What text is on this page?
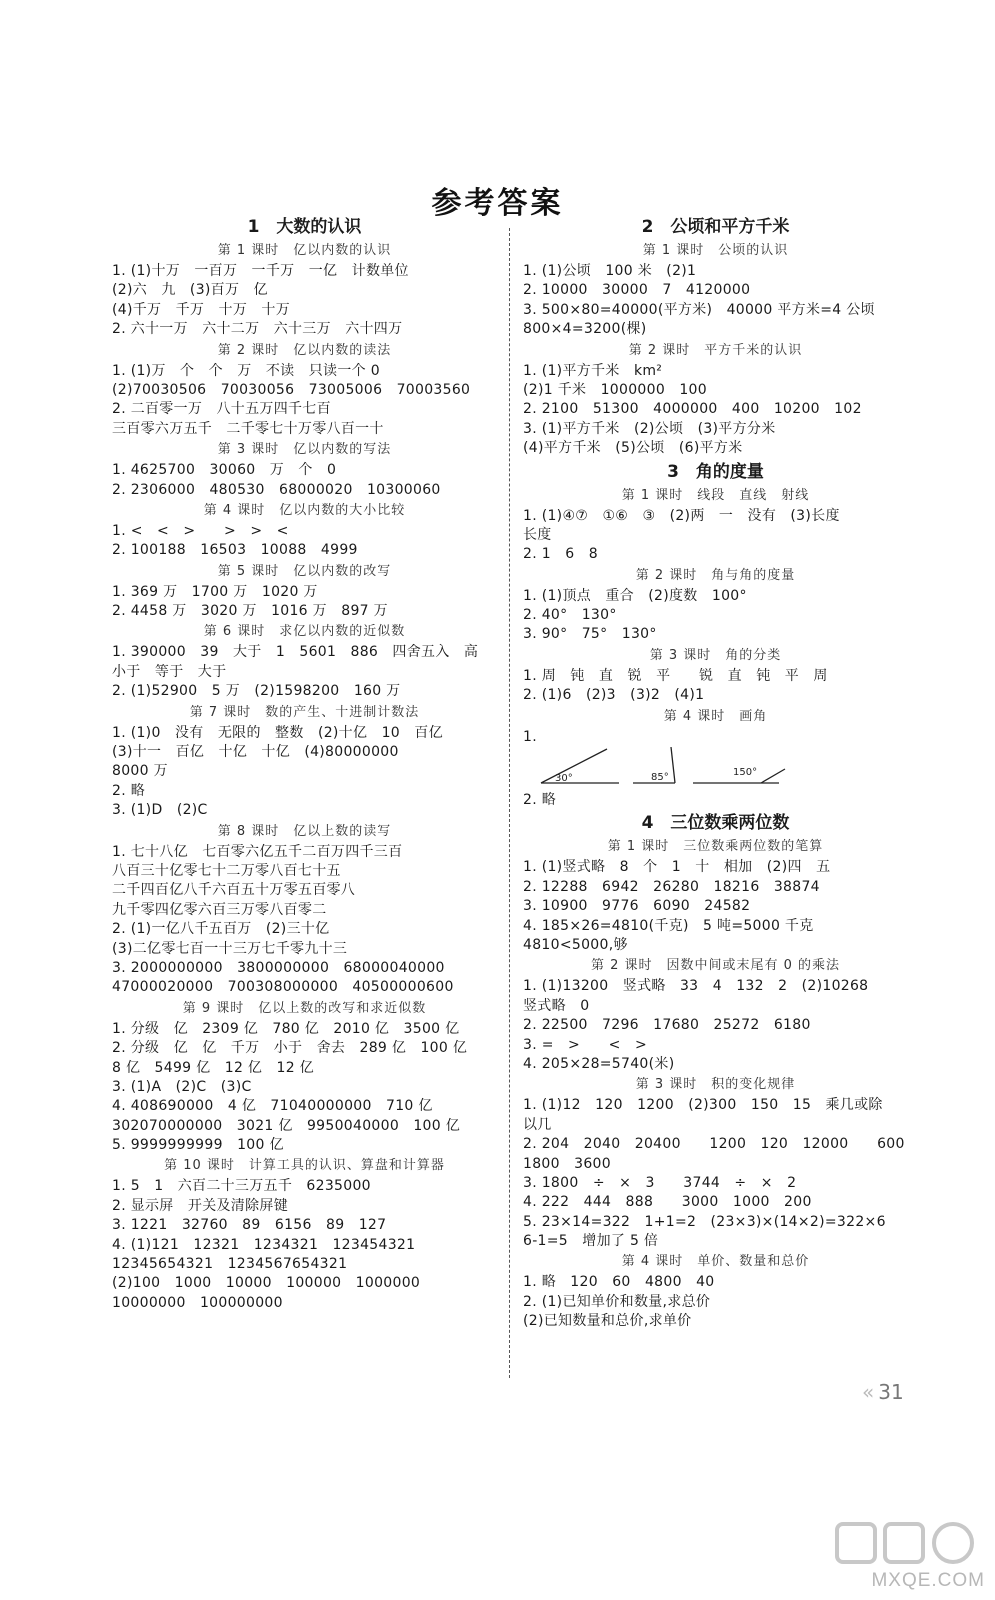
参考答案
1　大数的认识
第 1 课时　亿以内数的认识
1. (1)十万　一百万　一千万　一亿　计数单位
(2)六　九　(3)百万　亿
(4)千万　千万　十万　十万
2. 六十一万　六十二万　六十三万　六十四万
第 2 课时　亿以内数的读法
1. (1)万　个　个　万　不读　只读一个 0
(2)70030506　70030056　73005006　70003560
2. 二百零一万　八十五万四千七百
三百零六万五千　二千零七十万零八百一十
第 3 课时　亿以内数的写法
1. 4625700　30060　万　个　0
2. 2306000　480530　68000020　10300060
第 4 课时　亿以内数的大小比较
1. <　<　>　　>　>　<
2. 100188　16503　10088　4999
第 5 课时　亿以内数的改写
1. 369 万　1700 万　1020 万
2. 4458 万　3020 万　1016 万　897 万
第 6 课时　求亿以内数的近似数
1. 390000　39　大于　1　5601　886　四舍五入　高
小于　等于　大于
2. (1)52900　5 万　(2)1598200　160 万
第 7 课时　数的产生、十进制计数法
1. (1)0　没有　无限的　整数　(2)十亿　10　百亿
(3)十一　百亿　十亿　十亿　(4)80000000
8000 万
2. 略
3. (1)D　(2)C
第 8 课时　亿以上数的读写
1. 七十八亿　七百零六亿五千二百万四千三百
八百三十亿零七十二万零八百七十五
二千四百亿八千六百五十万零五百零八
九千零四亿零六百三万零八百零二
2. (1)一亿八千五百万　(2)三十亿
(3)二亿零七百一十三万七千零九十三
3. 2000000000　3800000000　68000040000
47000020000　700308000000　40500000600
第 9 课时　亿以上数的改写和求近似数
1. 分级　亿　2309 亿　780 亿　2010 亿　3500 亿
2. 分级　亿　亿　千万　小于　舍去　289 亿　100 亿
8 亿　5499 亿　12 亿　12 亿
3. (1)A　(2)C　(3)C
4. 408690000　4 亿　71040000000　710 亿
302070000000　3021 亿　9950040000　100 亿
5. 9999999999　100 亿
第 10 课时　计算工具的认识、算盘和计算器
1. 5　1　六百二十三万五千　6235000
2. 显示屏　开关及清除屏键
3. 1221　32760　89　6156　89　127
4. (1)121　12321　1234321　123454321
12345654321　1234567654321
(2)100　1000　10000　100000　1000000
10000000　100000000
2　公顷和平方千米
第 1 课时　公顷的认识
1. (1)公顷　100 米　(2)1
2. 10000　30000　7　4120000
3. 500×80=40000(平方米)　40000 平方米=4 公顷
800×4=3200(棵)
第 2 课时　平方千米的认识
1. (1)平方千米　km²
(2)1 千米　1000000　100
2. 2100　51300　4000000　400　10200　102
3. (1)平方千米　(2)公顷　(3)平方分米
(4)平方千米　(5)公顷　(6)平方米
3　角的度量
第 1 课时　线段　直线　射线
1. (1)④⑦　①⑥　③　(2)两　一　没有　(3)长度
长度
2. 1　6　8
第 2 课时　角与角的度量
1. (1)顶点　重合　(2)度数　100°
2. 40°　130°
3. 90°　75°　130°
第 3 课时　角的分类
1. 周　钝　直　锐　平　　锐　直　钝　平　周
2. (1)6　(2)3　(3)2　(4)1
第 4 课时　画角
1.
30°	85°	150°
2. 略
4　三位数乘两位数
第 1 课时　三位数乘两位数的笔算
1. (1)竖式略　8　个　1　十　相加　(2)四　五
2. 12288　6942　26280　18216　38874
3. 10900　9776　6090　24582
4. 185×26=4810(千克)　5 吨=5000 千克
4810<5000,够
第 2 课时　因数中间或末尾有 0 的乘法
1. (1)13200　竖式略　33　4　132　2　(2)10268
竖式略　0
2. 22500　7296　17680　25272　6180
3. =　>　　<　>
4. 205×28=5740(米)
第 3 课时　积的变化规律
1. (1)12　120　1200　(2)300　150　15　乘几或除
以几
2. 204　2040　20400　　1200　120　12000　　600
1800　3600
3. 1800　÷　×　3　　3744　÷　×　2
4. 222　444　888　　3000　1000　200
5. 23×14=322　1+1=2　(23×3)×(14×2)=322×6
6-1=5　增加了 5 倍
第 4 课时　单价、数量和总价
1. 略　120　60　4800　40
2. (1)已知单价和数量,求总价
(2)已知数量和总价,求单价
« 31
MXQE.COM
